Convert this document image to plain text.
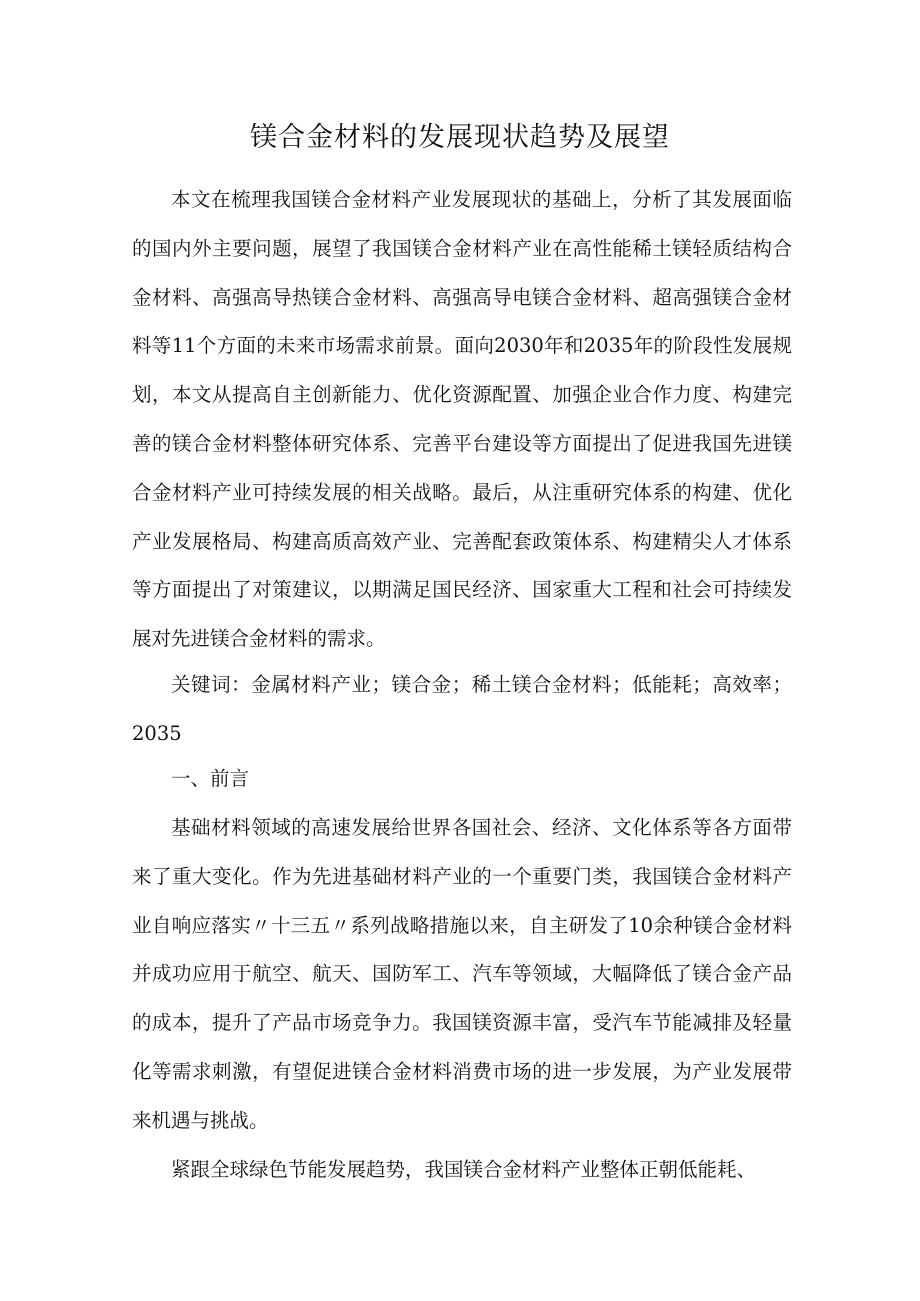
镁合金材料的发展现状趋势及展望

本文在梳理我国镁合金材料产业发展现状的基础上，分析了其发展面临的国内外主要问题，展望了我国镁合金材料产业在高性能稀土镁轻质结构合金材料、高强高导热镁合金材料、高强高导电镁合金材料、超高强镁合金材料等11个方面的未来市场需求前景。面向2030年和2035年的阶段性发展规划，本文从提高自主创新能力、优化资源配置、加强企业合作力度、构建完善的镁合金材料整体研究体系、完善平台建设等方面提出了促进我国先进镁合金材料产业可持续发展的相关战略。最后，从注重研究体系的构建、优化产业发展格局、构建高质高效产业、完善配套政策体系、构建精尖人才体系等方面提出了对策建议，以期满足国民经济、国家重大工程和社会可持续发展对先进镁合金材料的需求。

关键词：金属材料产业；镁合金；稀土镁合金材料；低能耗；高效率；2035

一、前言

基础材料领域的高速发展给世界各国社会、经济、文化体系等各方面带来了重大变化。作为先进基础材料产业的一个重要门类，我国镁合金材料产业自响应落实〃十三五〃系列战略措施以来，自主研发了10余种镁合金材料并成功应用于航空、航天、国防军工、汽车等领域，大幅降低了镁合金产品的成本，提升了产品市场竞争力。我国镁资源丰富，受汽车节能减排及轻量化等需求刺激，有望促进镁合金材料消费市场的进一步发展，为产业发展带来机遇与挑战。

紧跟全球绿色节能发展趋势，我国镁合金材料产业整体正朝低能耗、
